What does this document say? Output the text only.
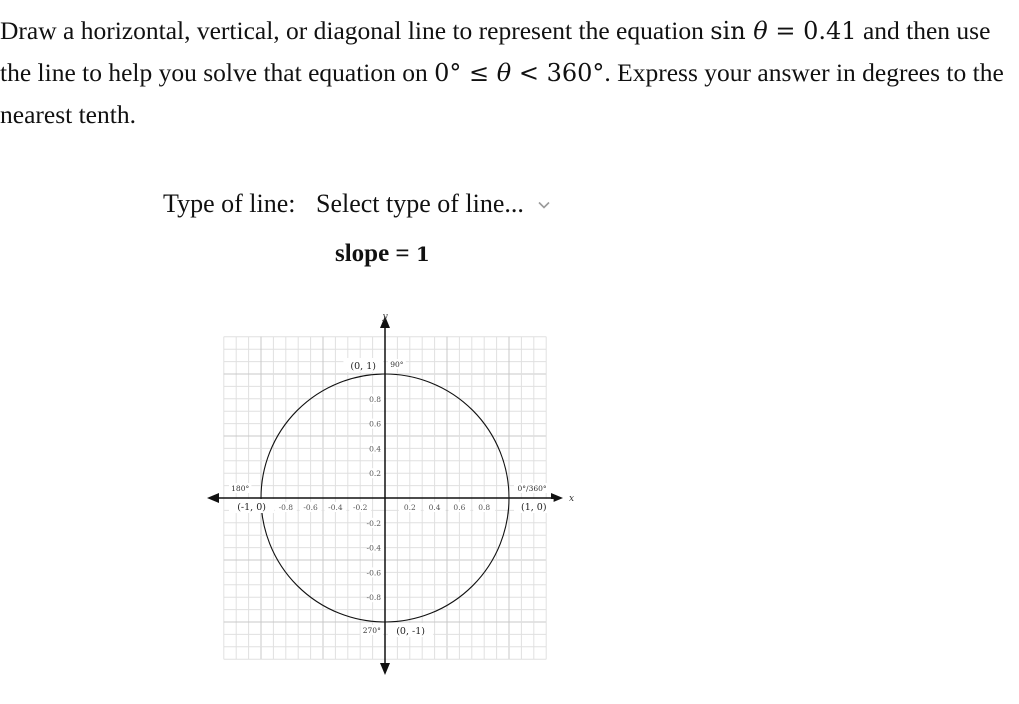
Draw a horizontal, vertical, or diagonal line to represent the equation sin θ = 0.41 and then use the line to help you solve that equation on 0° ≤ θ < 360°. Express your answer in degrees to the nearest tenth.
Type of line: Select type of line...
slope = 1
y
x
-0.8 -0.6 -0.4 -0.2	0.2 0.4 0.6 0.8
0.8
0.6
0.4
0.2
-0.2
-0.4
-0.6
-0.8
(0, 1) 90°
180°
(-1, 0)
0°/360°
(1, 0)
270° (0, -1)
